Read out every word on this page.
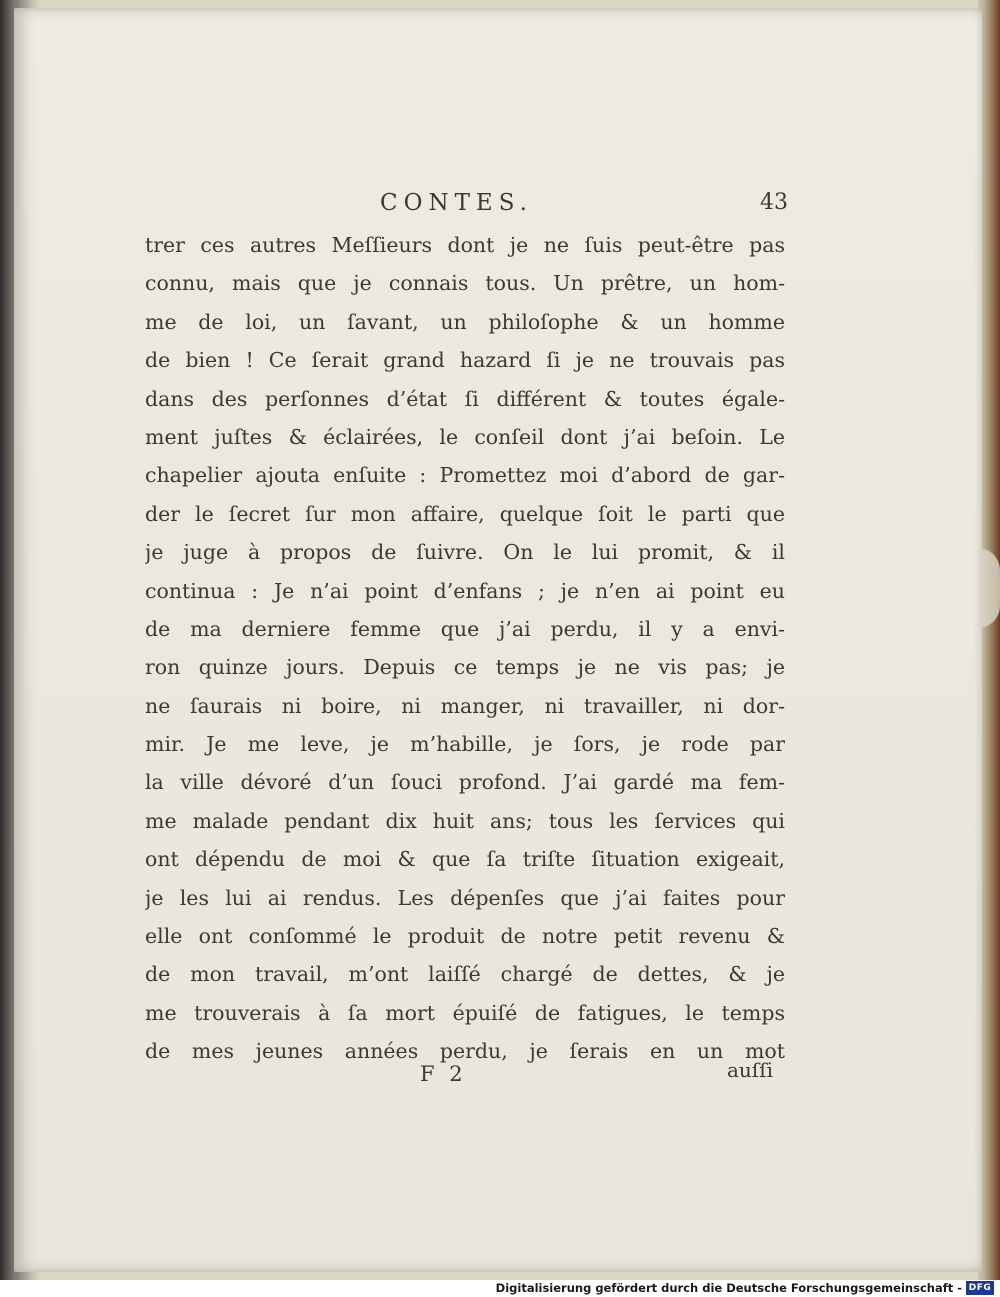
CONTES.	43
trer ces autres Meſſieurs dont je ne ſuis peut-être pas
connu, mais que je connais tous. Un prêtre, un hom-
me de loi, un ſavant, un philoſophe & un homme
de bien ! Ce ſerait grand hazard ſi je ne trouvais pas
dans des perſonnes d’état ſi différent & toutes égale-
ment juſtes & éclairées, le conſeil dont j’ai beſoin. Le
chapelier ajouta enſuite : Promettez moi d’abord de gar-
der le ſecret ſur mon affaire, quelque ſoit le parti que
je juge à propos de ſuivre. On le lui promit, & il
continua : Je n’ai point d’enfans ; je n’en ai point eu
de ma derniere femme que j’ai perdu, il y a envi-
ron quinze jours. Depuis ce temps je ne vis pas; je
ne ſaurais ni boire, ni manger, ni travailler, ni dor-
mir. Je me leve, je m’habille, je ſors, je rode par
la ville dévoré d’un ſouci profond. J’ai gardé ma fem-
me malade pendant dix huit ans; tous les ſervices qui
ont dépendu de moi & que ſa triſte ſituation exigeait,
je les lui ai rendus. Les dépenſes que j’ai faites pour
elle ont conſommé le produit de notre petit revenu &
de mon travail, m’ont laiſſé chargé de dettes, & je
me trouverais à ſa mort épuiſé de fatigues, le temps
de mes jeunes années perdu, je ſerais en un mot
F 2	auſſi
Digitalisierung gefördert durch die Deutsche Forschungsgemeinschaft - DFG
